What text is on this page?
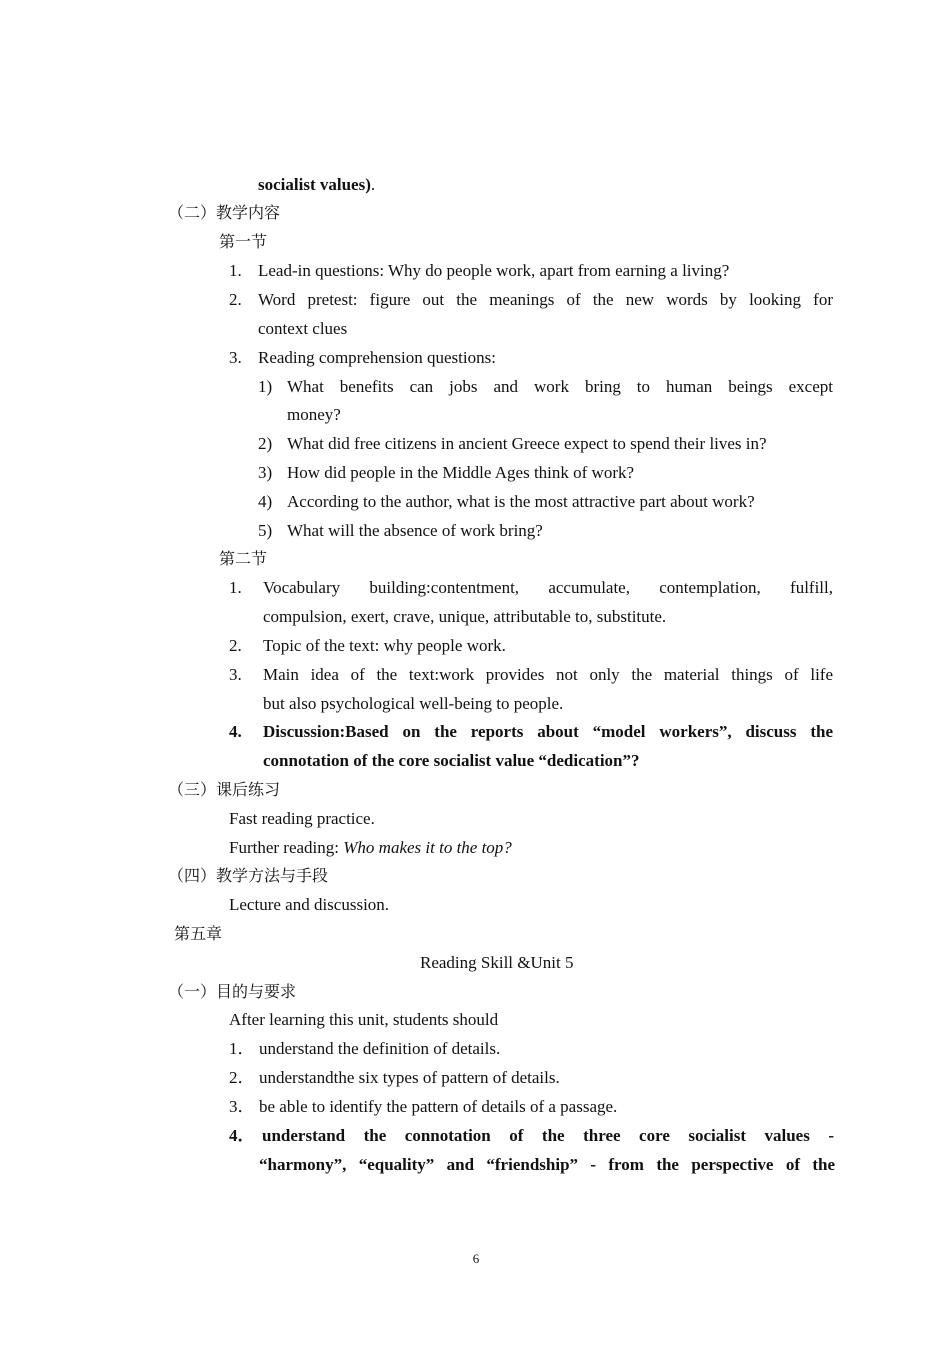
socialist values).
（二）教学内容
第一节
1. Lead-in questions: Why do people work, apart from earning a living?
2. Word pretest: figure out the meanings of the new words by looking for
context clues
3. Reading comprehension questions:
1) What benefits can jobs and work bring to human beings except
money?
2) What did free citizens in ancient Greece expect to spend their lives in?
3) How did people in the Middle Ages think of work?
4) According to the author, what is the most attractive part about work?
5) What will the absence of work bring?
第二节
1. Vocabulary building:contentment, accumulate, contemplation, fulfill,
compulsion, exert, crave, unique, attributable to, substitute.
2. Topic of the text: why people work.
3. Main idea of the text:work provides not only the material things of life
but also psychological well-being to people.
4. Discussion:Based on the reports about “model workers”, discuss the
connotation of the core socialist value “dedication”?
（三）课后练习
Fast reading practice.
Further reading: Who makes it to the top?
（四）教学方法与手段
Lecture and discussion.
第五章
Reading Skill &Unit 5
（一）目的与要求
After learning this unit, students should
1． understand the definition of details.
2． understandthe six types of pattern of details.
3． be able to identify the pattern of details of a passage.
4． understand the connotation of the three core socialist values -
“harmony”, “equality” and “friendship” - from the perspective of the
6
